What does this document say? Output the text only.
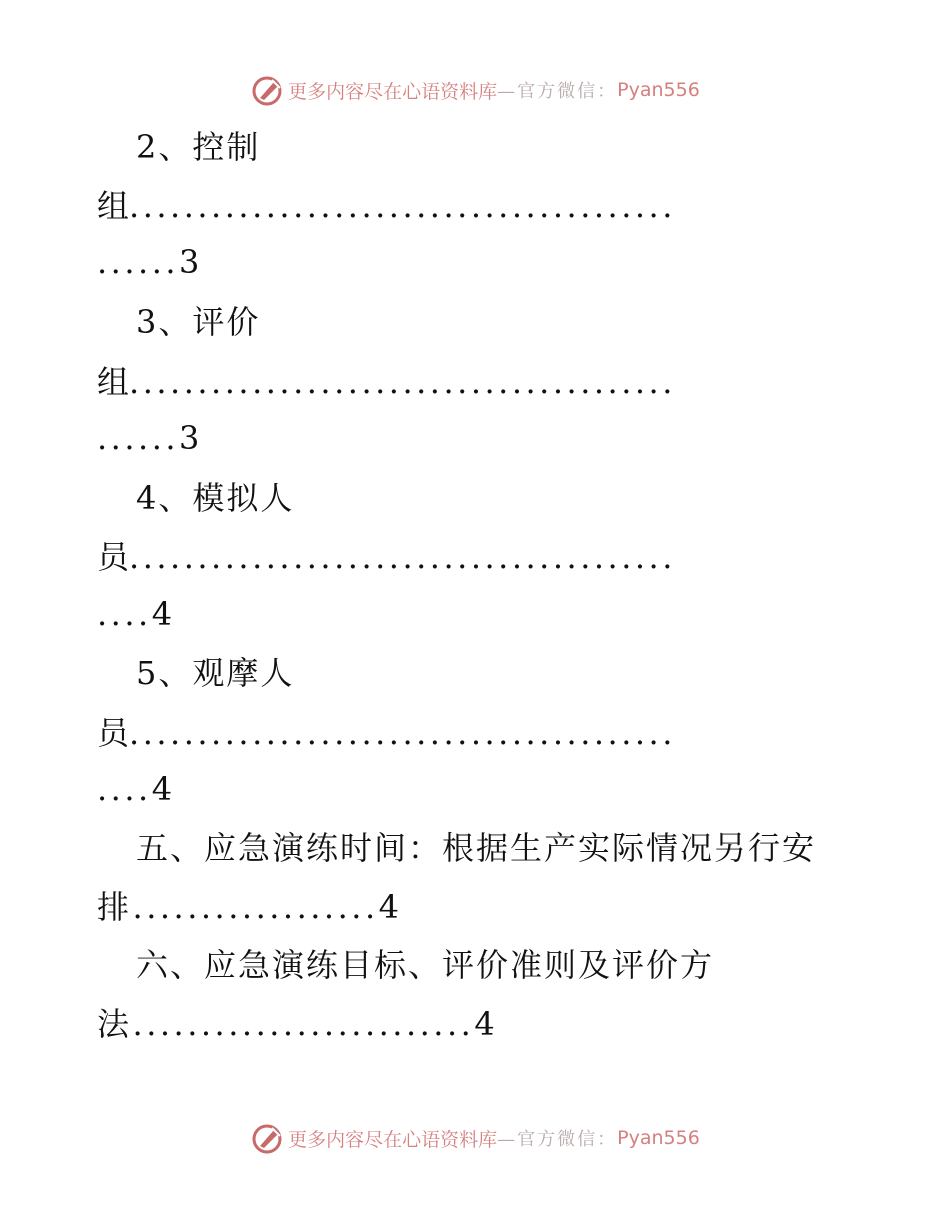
更多内容尽在心语资料库 —官方微信： Pyan556
2、控制
组 ........................................
......3
3、评价
组 ........................................
......3
4、模拟人
员 ........................................
....4
5、观摩人
员 ........................................
....4
五、应急演练时间：根据生产实际情况另行安
排..................4
六、应急演练目标、评价准则及评价方
法.........................4
更多内容尽在心语资料库 —官方微信： Pyan556
